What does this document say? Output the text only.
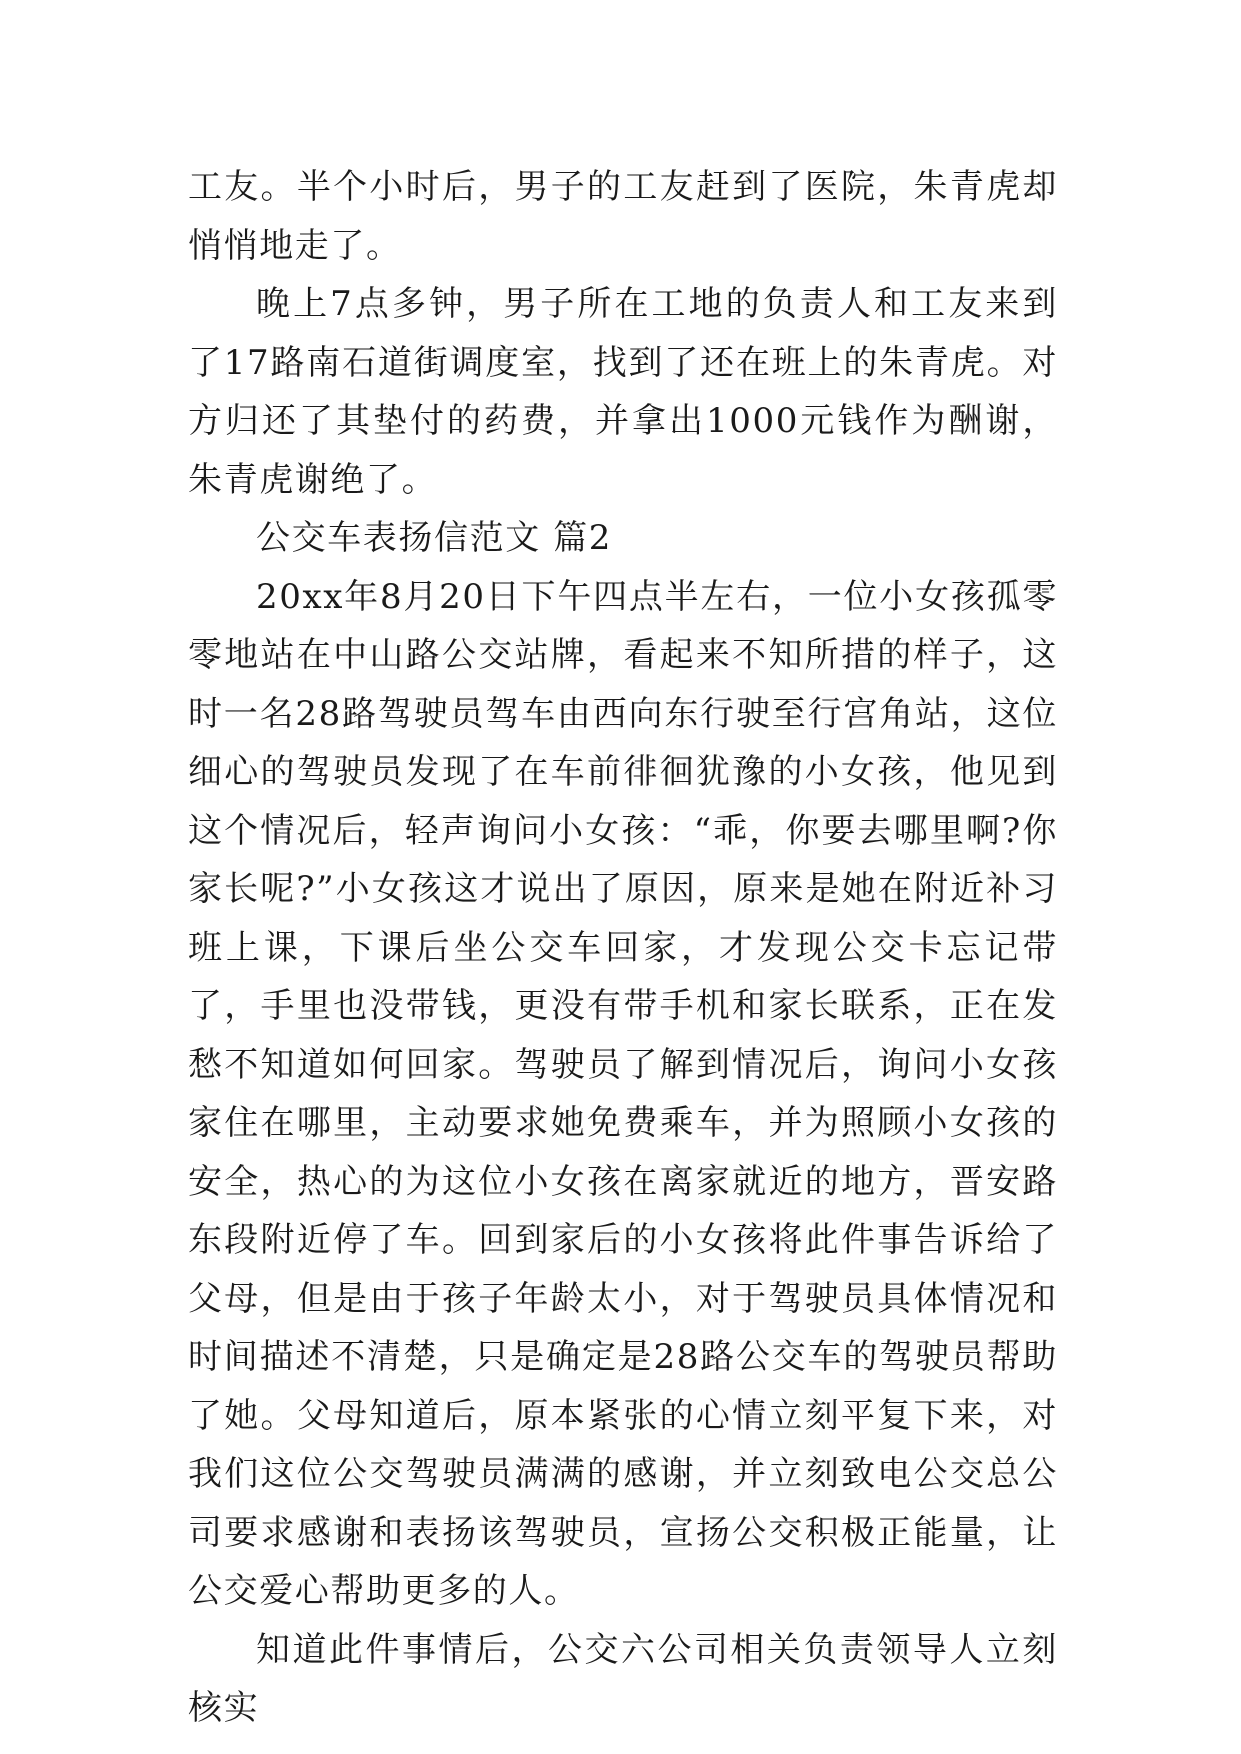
工友。半个小时后，男子的工友赶到了医院，朱青虎却悄悄地走了。

晚上7点多钟，男子所在工地的负责人和工友来到了17路南石道街调度室，找到了还在班上的朱青虎。对方归还了其垫付的药费，并拿出1000元钱作为酬谢，朱青虎谢绝了。

公交车表扬信范文 篇2

20xx年8月20日下午四点半左右，一位小女孩孤零零地站在中山路公交站牌，看起来不知所措的样子，这时一名28路驾驶员驾车由西向东行驶至行宫角站，这位细心的驾驶员发现了在车前徘徊犹豫的小女孩，他见到这个情况后，轻声询问小女孩：“乖，你要去哪里啊?你家长呢?”小女孩这才说出了原因，原来是她在附近补习班上课，下课后坐公交车回家，才发现公交卡忘记带了，手里也没带钱，更没有带手机和家长联系，正在发愁不知道如何回家。驾驶员了解到情况后，询问小女孩家住在哪里，主动要求她免费乘车，并为照顾小女孩的安全，热心的为这位小女孩在离家就近的地方，晋安路东段附近停了车。回到家后的小女孩将此件事告诉给了父母，但是由于孩子年龄太小，对于驾驶员具体情况和时间描述不清楚，只是确定是28路公交车的驾驶员帮助了她。父母知道后，原本紧张的心情立刻平复下来，对我们这位公交驾驶员满满的感谢，并立刻致电公交总公司要求感谢和表扬该驾驶员，宣扬公交积极正能量，让公交爱心帮助更多的人。

知道此件事情后，公交六公司相关负责领导人立刻核实
